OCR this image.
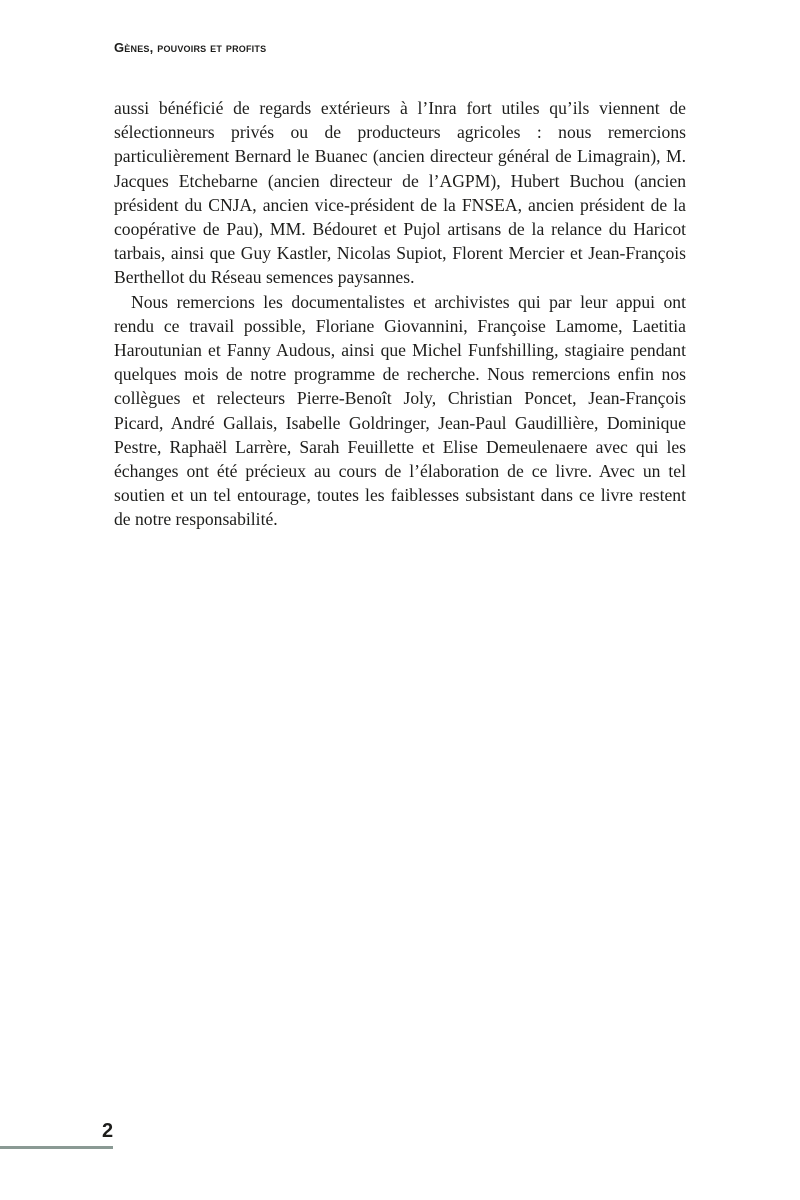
Gènes, pouvoirs et profits

aussi bénéficié de regards extérieurs à l’Inra fort utiles qu’ils viennent de sélectionneurs privés ou de producteurs agricoles : nous remercions particulièrement Bernard le Buanec (ancien directeur général de Limagrain), M. Jacques Etchebarne (ancien directeur de l’AGPM), Hubert Buchou (ancien président du CNJA, ancien vice-président de la FNSEA, ancien président de la coopérative de Pau), MM. Bédouret et Pujol artisans de la relance du Haricot tarbais, ainsi que Guy Kastler, Nicolas Supiot, Florent Mercier et Jean-François Berthellot du Réseau semences paysannes.

Nous remercions les documentalistes et archivistes qui par leur appui ont rendu ce travail possible, Floriane Giovannini, Françoise Lamome, Laetitia Haroutunian et Fanny Audous, ainsi que Michel Funfshilling, stagiaire pendant quelques mois de notre programme de recherche. Nous remercions enfin nos collègues et relecteurs Pierre-Benoît Joly, Christian Poncet, Jean-François Picard, André Gallais, Isabelle Goldringer, Jean-Paul Gaudillière, Dominique Pestre, Raphaël Larrère, Sarah Feuillette et Elise Demeulenaere avec qui les échanges ont été précieux au cours de l’élaboration de ce livre. Avec un tel soutien et un tel entourage, toutes les faiblesses subsistant dans ce livre restent de notre responsabilité.

2
